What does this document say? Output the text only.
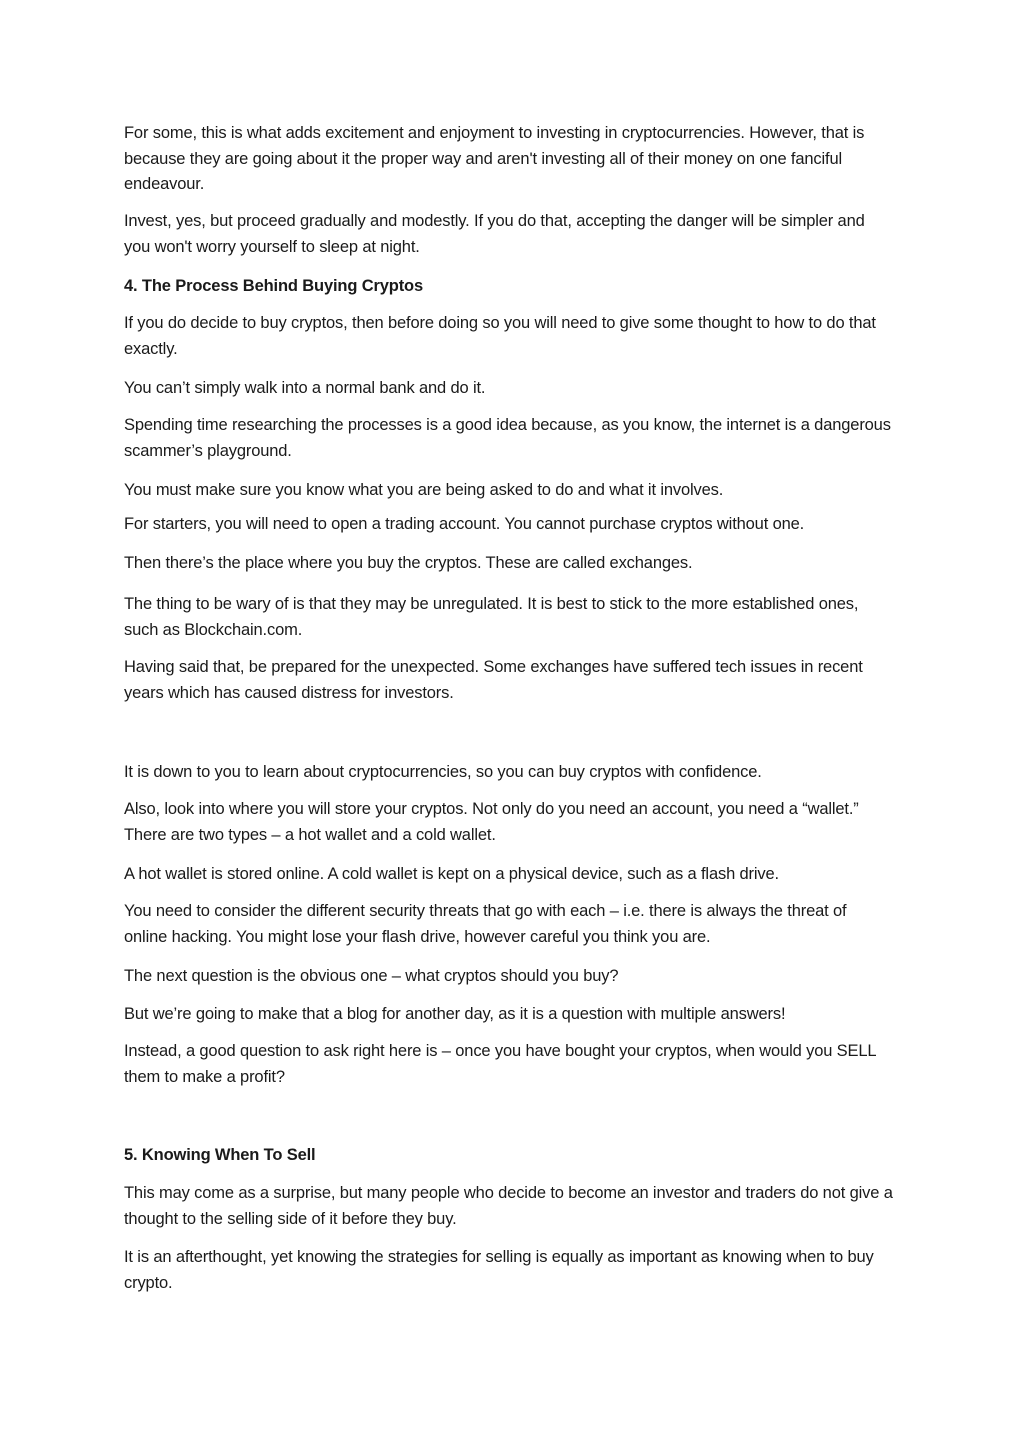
For some, this is what adds excitement and enjoyment to investing in cryptocurrencies. However, that is because they are going about it the proper way and aren't investing all of their money on one fanciful endeavour.

Invest, yes, but proceed gradually and modestly. If you do that, accepting the danger will be simpler and you won't worry yourself to sleep at night.

4. The Process Behind Buying Cryptos

If you do decide to buy cryptos, then before doing so you will need to give some thought to how to do that exactly.

You can’t simply walk into a normal bank and do it.

Spending time researching the processes is a good idea because, as you know, the internet is a dangerous scammer’s playground.

You must make sure you know what you are being asked to do and what it involves.

For starters, you will need to open a trading account. You cannot purchase cryptos without one.

Then there’s the place where you buy the cryptos. These are called exchanges.

The thing to be wary of is that they may be unregulated. It is best to stick to the more established ones, such as Blockchain.com.

Having said that, be prepared for the unexpected. Some exchanges have suffered tech issues in recent years which has caused distress for investors.

It is down to you to learn about cryptocurrencies, so you can buy cryptos with confidence.

Also, look into where you will store your cryptos. Not only do you need an account, you need a “wallet.” There are two types – a hot wallet and a cold wallet.

A hot wallet is stored online. A cold wallet is kept on a physical device, such as a flash drive.

You need to consider the different security threats that go with each – i.e. there is always the threat of online hacking. You might lose your flash drive, however careful you think you are.

The next question is the obvious one – what cryptos should you buy?

But we’re going to make that a blog for another day, as it is a question with multiple answers!

Instead, a good question to ask right here is – once you have bought your cryptos, when would you SELL them to make a profit?

5. Knowing When To Sell

This may come as a surprise, but many people who decide to become an investor and traders do not give a thought to the selling side of it before they buy.

It is an afterthought, yet knowing the strategies for selling is equally as important as knowing when to buy crypto.
